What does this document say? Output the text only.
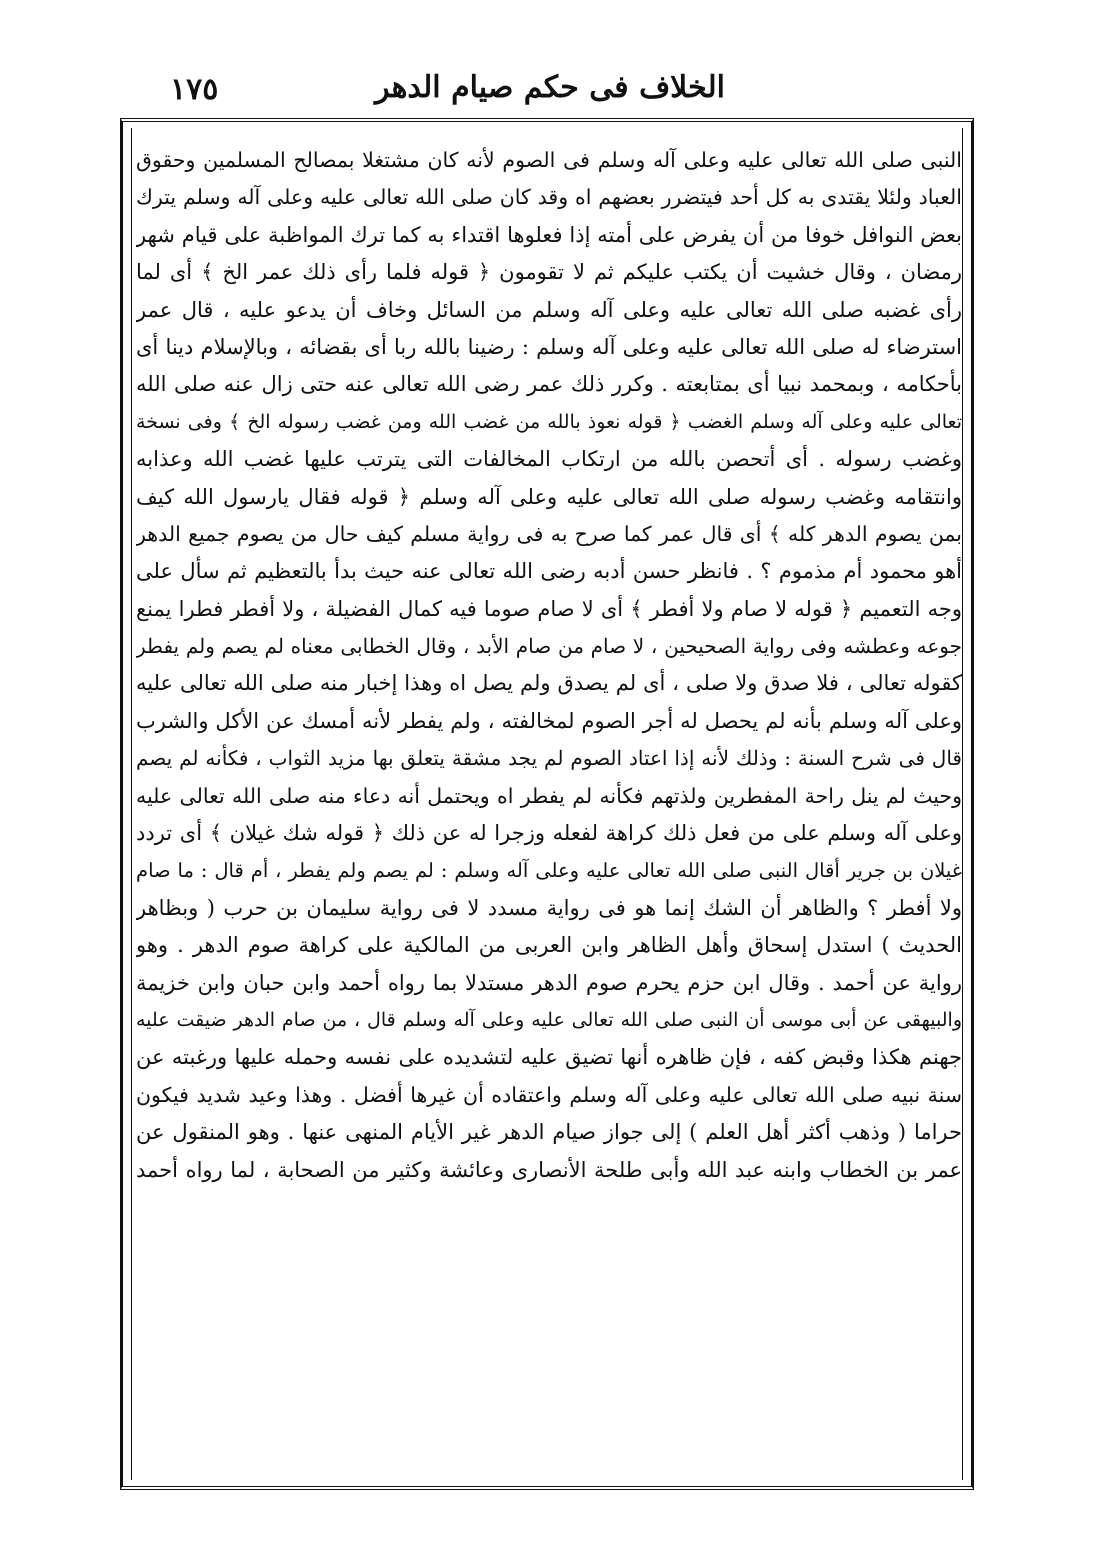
الخلاف فى حكم صيام الدهر
١٧٥
النبى صلى الله تعالى عليه وعلى آله وسلم فى الصوم لأنه كان مشتغلا بمصالح المسلمين وحقوق
العباد ولئلا يقتدى به كل أحد فيتضرر بعضهم اه وقد كان صلى الله تعالى عليه وعلى آله وسلم يترك
بعض النوافل خوفا من أن يفرض على أمته إذا فعلوها اقتداء به كما ترك المواظبة على قيام شهر
رمضان ، وقال خشيت أن يكتب عليكم ثم لا تقومون ﴿ قوله فلما رأى ذلك عمر الخ ﴾ أى لما
رأى غضبه صلى الله تعالى عليه وعلى آله وسلم من السائل وخاف أن يدعو عليه ، قال عمر
استرضاء له صلى الله تعالى عليه وعلى آله وسلم : رضينا بالله ربا أى بقضائه ، وبالإسلام دينا أى
بأحكامه ، وبمحمد نبيا أى بمتابعته . وكرر ذلك عمر رضى الله تعالى عنه حتى زال عنه صلى الله
تعالى عليه وعلى آله وسلم الغضب ﴿ قوله نعوذ بالله من غضب الله ومن غضب رسوله الخ ﴾ وفى نسخة
وغضب رسوله . أى أتحصن بالله من ارتكاب المخالفات التى يترتب عليها غضب الله وعذابه
وانتقامه وغضب رسوله صلى الله تعالى عليه وعلى آله وسلم ﴿ قوله فقال يارسول الله كيف
بمن يصوم الدهر كله ﴾ أى قال عمر كما صرح به فى رواية مسلم كيف حال من يصوم جميع الدهر
أهو محمود أم مذموم ؟ . فانظر حسن أدبه رضى الله تعالى عنه حيث بدأ بالتعظيم ثم سأل على
وجه التعميم ﴿ قوله لا صام ولا أفطر ﴾ أى لا صام صوما فيه كمال الفضيلة ، ولا أفطر فطرا يمنع
جوعه وعطشه وفى رواية الصحيحين ، لا صام من صام الأبد ، وقال الخطابى معناه لم يصم ولم يفطر
كقوله تعالى ، فلا صدق ولا صلى ، أى لم يصدق ولم يصل اه وهذا إخبار منه صلى الله تعالى عليه
وعلى آله وسلم بأنه لم يحصل له أجر الصوم لمخالفته ، ولم يفطر لأنه أمسك عن الأكل والشرب
قال فى شرح السنة : وذلك لأنه إذا اعتاد الصوم لم يجد مشقة يتعلق بها مزيد الثواب ، فكأنه لم يصم
وحيث لم ينل راحة المفطرين ولذتهم فكأنه لم يفطر اه ويحتمل أنه دعاء منه صلى الله تعالى عليه
وعلى آله وسلم على من فعل ذلك كراهة لفعله وزجرا له عن ذلك ﴿ قوله شك غيلان ﴾ أى تردد
غيلان بن جرير أقال النبى صلى الله تعالى عليه وعلى آله وسلم : لم يصم ولم يفطر ، أم قال : ما صام
ولا أفطر ؟ والظاهر أن الشك إنما هو فى رواية مسدد لا فى رواية سليمان بن حرب ( وبظاهر
الحديث ) استدل إسحاق وأهل الظاهر وابن العربى من المالكية على كراهة صوم الدهر . وهو
رواية عن أحمد . وقال ابن حزم يحرم صوم الدهر مستدلا بما رواه أحمد وابن حبان وابن خزيمة
والبيهقى عن أبى موسى أن النبى صلى الله تعالى عليه وعلى آله وسلم قال ، من صام الدهر ضيقت عليه
جهنم هكذا وقبض كفه ، فإن ظاهره أنها تضيق عليه لتشديده على نفسه وحمله عليها ورغبته عن
سنة نبيه صلى الله تعالى عليه وعلى آله وسلم واعتقاده أن غيرها أفضل . وهذا وعيد شديد فيكون
حراما ( وذهب أكثر أهل العلم ) إلى جواز صيام الدهر غير الأيام المنهى عنها . وهو المنقول عن
عمر بن الخطاب وابنه عبد الله وأبى طلحة الأنصارى وعائشة وكثير من الصحابة ، لما رواه أحمد
